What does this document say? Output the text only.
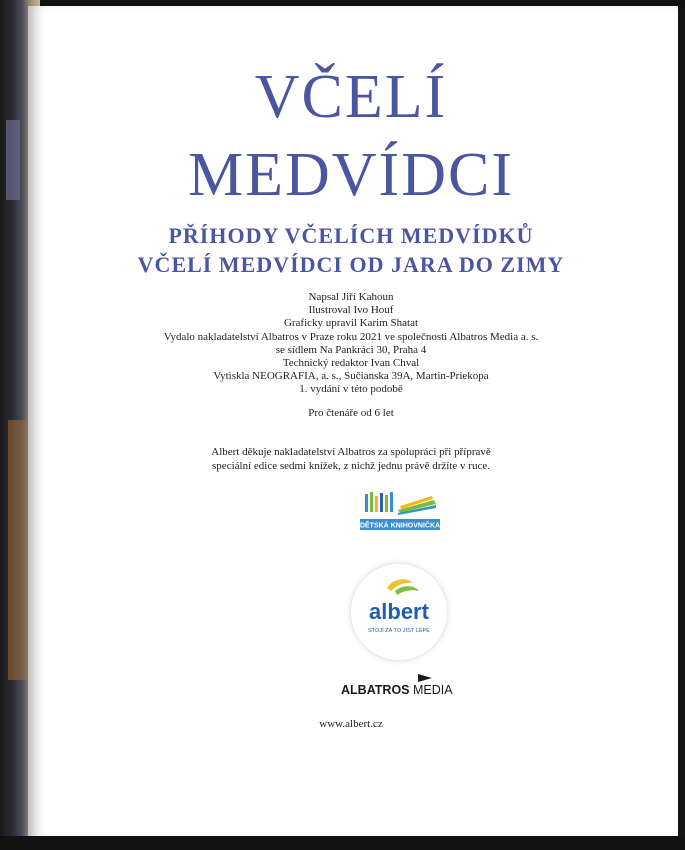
VČELÍ
MEDVÍDCI
PŘÍHODY VČELÍCH MEDVÍDKŮ
VČELÍ MEDVÍDCI OD JARA DO ZIMY
Napsal Jiří Kahoun
Ilustroval Ivo Houf
Graficky upravil Karim Shatat
Vydalo nakladatelství Albatros v Praze roku 2021 ve společnosti Albatros Media a. s.
se sídlem Na Pankráci 30, Praha 4
Technický redaktor Ivan Chval
Vytiskla NEOGRAFIA, a. s., Sučianska 39A, Martin-Priekopa
1. vydání v této podobě
Pro čtenáře od 6 let
Albert děkuje nakladatelství Albatros za spolupráci při přípravě
speciální edice sedmi knížek, z nichž jednu právě držíte v ruce.
DĚTSKÁ KNIHOVNIČKA
albert
STOJÍ ZA TO JÍST LÉPE
ALBATROS MEDIA
www.albert.cz
